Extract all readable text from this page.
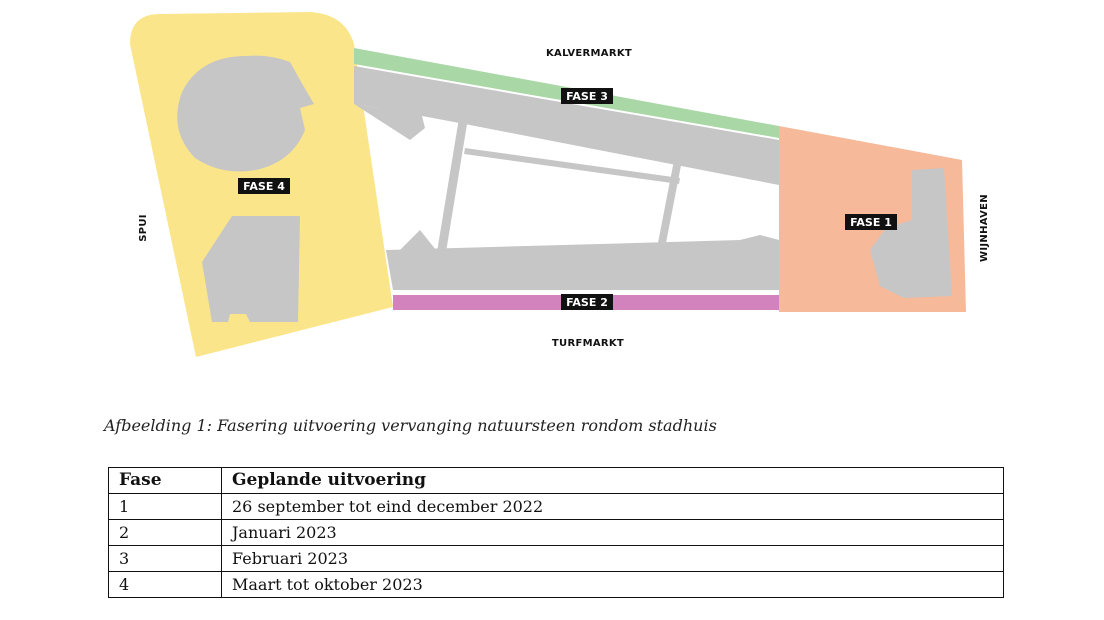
KALVERMARKT
TURFMARKT
SPUI	WIJNHAVEN
FASE 3
FASE 4
FASE 1
FASE 2

Afbeelding 1: Fasering uitvoering vervanging natuursteen rondom stadhuis

Fase	Geplande uitvoering
1	26 september tot eind december 2022
2	Januari 2023
3	Februari 2023
4	Maart tot oktober 2023
